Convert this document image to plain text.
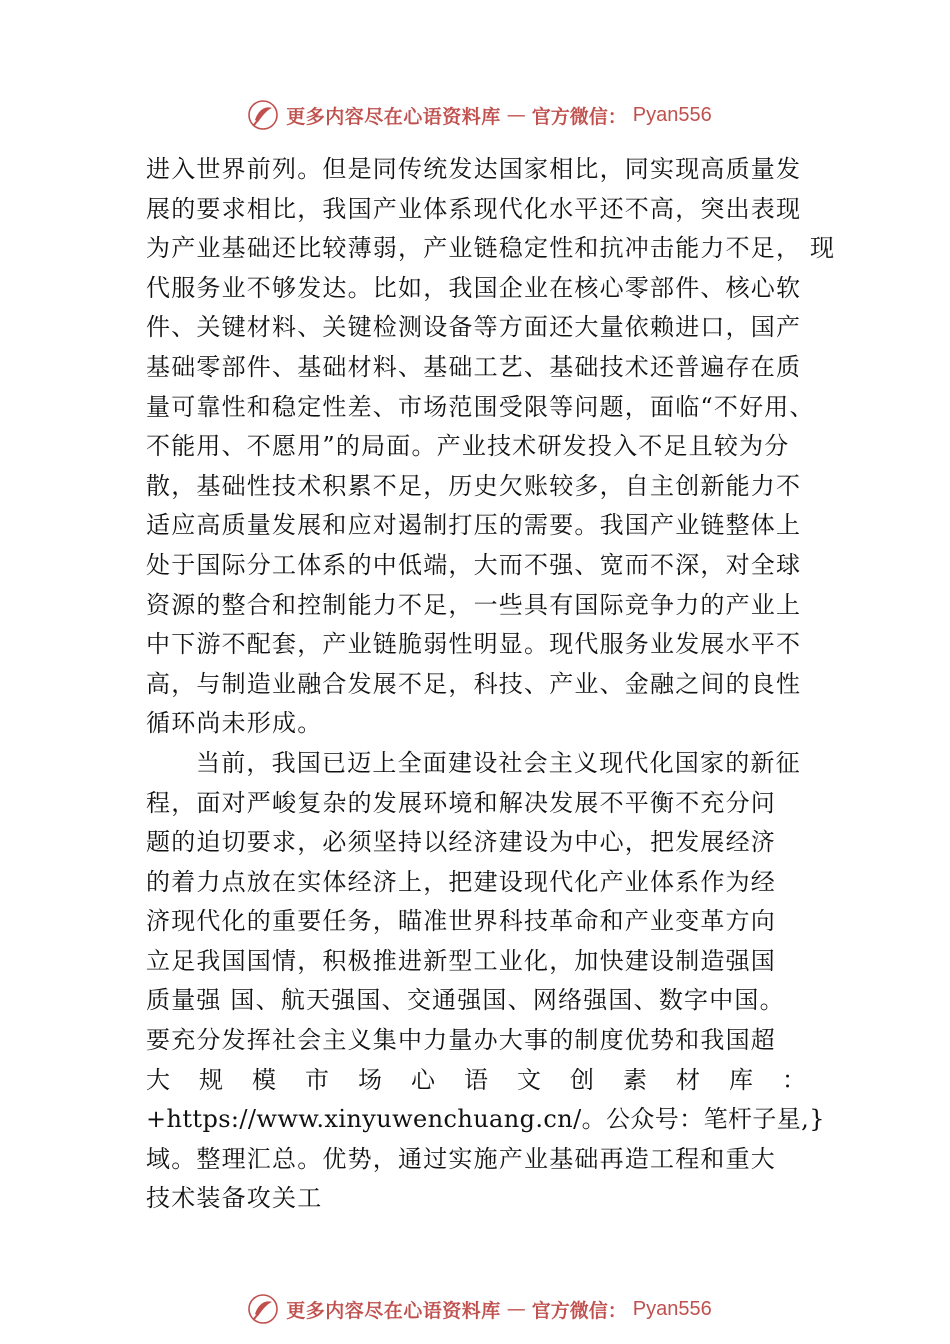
更多内容尽在心语资料库 — 官方微信： Pyan556
进入世界前列。但是同传统发达国家相比，同实现高质量发
展的要求相比，我国产业体系现代化水平还不高，突出表现
为产业基础还比较薄弱，产业链稳定性和抗冲击能力不足， 现
代服务业不够发达。比如，我国企业在核心零部件、核心软
件、关键材料、关键检测设备等方面还大量依赖进口，国产
基础零部件、基础材料、基础工艺、基础技术还普遍存在质
量可靠性和稳定性差、市场范围受限等问题，面临“不好用、
不能用、不愿用”的局面。产业技术研发投入不足且较为分
散，基础性技术积累不足，历史欠账较多，自主创新能力不
适应高质量发展和应对遏制打压的需要。我国产业链整体上
处于国际分工体系的中低端，大而不强、宽而不深，对全球
资源的整合和控制能力不足，一些具有国际竞争力的产业上
中下游不配套，产业链脆弱性明显。现代服务业发展水平不
高，与制造业融合发展不足，科技、产业、金融之间的良性
循环尚未形成。
当前，我国已迈上全面建设社会主义现代化国家的新征
程，面对严峻复杂的发展环境和解决发展不平衡不充分问
题的迫切要求，必须坚持以经济建设为中心，把发展经济
的着力点放在实体经济上，把建设现代化产业体系作为经
济现代化的重要任务，瞄准世界科技革命和产业变革方向
立足我国国情，积极推进新型工业化，加快建设制造强国
质量强 国、航天强国、交通强国、网络强国、数字中国。
要充分发挥社会主义集中力量办大事的制度优势和我国超
大 规 模 市 场 心 语 文 创 素 材 库 ：
+https://www.xinyuwenchuang.cn/。公众号：笔杆子星,}
域。整理汇总。优势，通过实施产业基础再造工程和重大
技术装备攻关工
更多内容尽在心语资料库 — 官方微信： Pyan556
